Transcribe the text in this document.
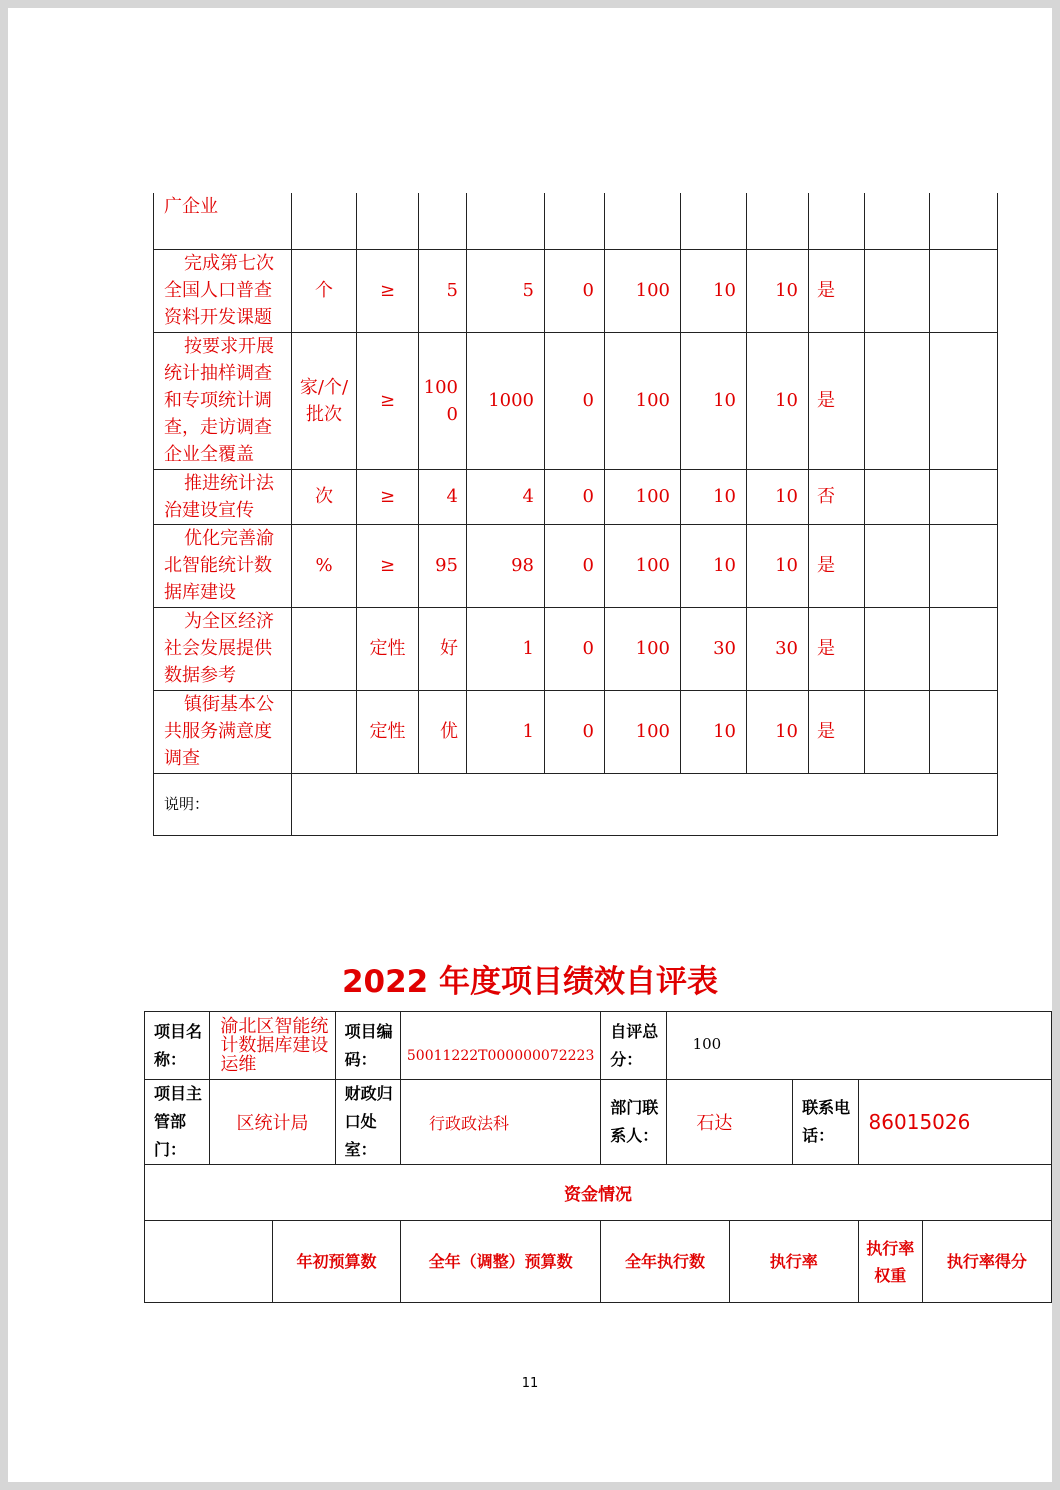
广企业											
完成第七次全国人口普查资料开发课题	个	≥	5	5	0	100	10	10	是		
按要求开展统计抽样调查和专项统计调查，走访调查企业全覆盖	家/个/批次	≥	1000	1000	0	100	10	10	是		
推进统计法治建设宣传	次	≥	4	4	0	100	10	10	否		
优化完善渝北智能统计数据库建设	%	≥	95	98	0	100	10	10	是		
为全区经济社会发展提供数据参考		定性	好	1	0	100	30	30	是		
镇街基本公共服务满意度调查		定性	优	1	0	100	10	10	是		
说明：											
2022 年度项目绩效自评表
项目名称：	渝北区智能统计数据库建设运维		项目编码：	50011222T000000072223	自评总分：	100				
项目主管部门：	区统计局		财政归口处室：	行政政法科	部门联系人：	石达		联系电话：	86015026	
资金情况										
		年初预算数		全年（调整）预算数	全年执行数		执行率		执行率权重	执行率得分
11
